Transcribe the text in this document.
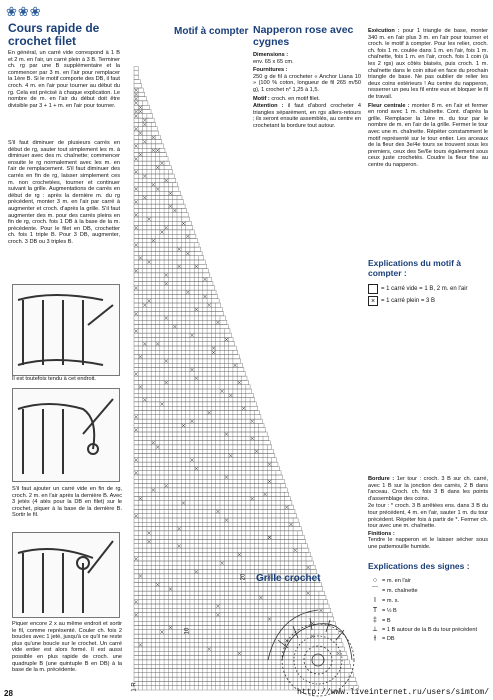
❀❀❀
Cours rapide de crochet filet

En général, un carré vide correspond à 1 B et 2 m. en l'air, un carré plein à 3 B. Terminer ch. rg par une B supplémentaire et la commencer par 3 m. en l'air pour remplacer la 1ère B. Si le motif comporte des DB, il faut croch. 4 m. en l'air pour tourner au début du rg. Cela est précisé à chaque explication. Le nombre de m. en l'air du début doit être divisible par 3 + 1 + m. en l'air pour tourner.

S'il faut diminuer de plusieurs carrés en début de rg, sauter tout simplement les m. à diminuer avec des m. chaînette; commencer ensuite le rg normalement avec les m. en l'air de remplacement. S'il faut diminuer des carrés en fin de rg, laisser simplement ces m. non crochetées, tourner et continuer suivant la grille. Augmentations de carrés en début de rg : après la dernière m. du rg précédent, monter 3 m. en l'air par carré à augmenter et croch. d'après la grille. S'il faut augmenter des m. pour des carrés pleins en fin de rg, croch. fois 1 DB à la base de la m. précédente. Pour le filet en DB, crochetter ch. fois 1 triple B. Pour 3 DB, augmenter, croch. 3 DB ou 3 triples B.

Il est toutefois tendu à cet endroit.

S'il faut ajouter un carré vide en fin de rg, croch. 2 m. en l'air après la dernière B. Avec 3 jetés (4 atés pour la DB en filet) sur le crochet, piquer à la base de la dernière B. Sortir le fil.

Piquer encore 2 x au même endroit et sortir le fil, comme représenté. Couler ch. fois 2 boucles avec 1 jeté, jusqu'à ce qu'il ne reste plus qu'une boucle sur le crochet. Un carré vide entier est alors formé. Il est aussi possible en plus rapide de croch. une quadruple B (une quintuple B en DB) à la base de la m. précédente.

28
Motif à compter
10
1 R
20 Grille crochet
Napperon rose avec cygnes
Dimensions :
env. 65 x 65 cm.
Fournitures :
250 g de fil à crocheter « Anchor Liana 10 » (100 % coton, longueur de fil 265 m/50 g), 1 crochet n° 1,25 à 1,5.
Motif : croch. en motif filet.
Attention : il faut d'abord crocheter 4 triangles séparément, en rgs allers-retours ; ils seront ensuite assemblés, au centre en crochetant la bordure tout autour.

Exécution : pour 1 triangle de base, monter 340 m. en l'air plus 3 m. en l'air pour tourner et croch. le motif à compter. Pour les relier, croch. ch. fois 1 m. coulée dans 1 m. en l'air, fois 1 m. chaînette, fois 1 m. en l'air, croch. fois 1 coin (à les 2 rgs) aux côtés biaisés, puis croch. 1 m. chaînette dans le coin situé en face du prochain triangle de base. Ne pas oublier de relier les deux coins extérieurs ! Au centre du napperon, resserrer un peu les fil entre eux et bloquer le fil de travail.

Fleur centrale : monter 8 m. en l'air et fermer en rond avec 1 m. chaînette. Cont. d'après la grille. Remplacer la 1ère m. du tour par le nombre de m. en l'air de la grille. Fermer le tour avec une m. chaînette. Répéter constamment le motif représenté sur le tour entier. Les arceaux de la fleur des 3e/4e tours se trouvent sous les premiers, ceux des 5e/6e tours également sous ceux juste crochetés. Coudre la fleur fine au centre du napperon.

Explications du motif à compter :
= 1 carré vide = 1 B, 2 m. en l'air
× = 1 carré plein = 3 B

Bordure : 1er tour : croch. 3 B sur ch. carré, avec 1 B sur la jonction des carrés, 2 B dans l'arceau. Croch. ch. fois 3 B dans les points d'assemblage des coins.

2e tour : * croch. 3 B arrêtées ens. dans 3 B du tour précédent, 4 m. en l'air, sauter 1 m. du tour précédent. Répéter fois à partir de *. Fermer ch. tour avec une m. chaînette.

Finitions :
Tendre le napperon et le laisser sécher sous une pattemouille humide.

Explications des signes :
○ = m. en l'air
⌒ = m. chaînette
I = m. s.
T = ½ B
‡ = B
⟂ = 1 B autour de la B du tour précédent
⫲ = DB
http://www.liveinternet.ru/users/simtom/
